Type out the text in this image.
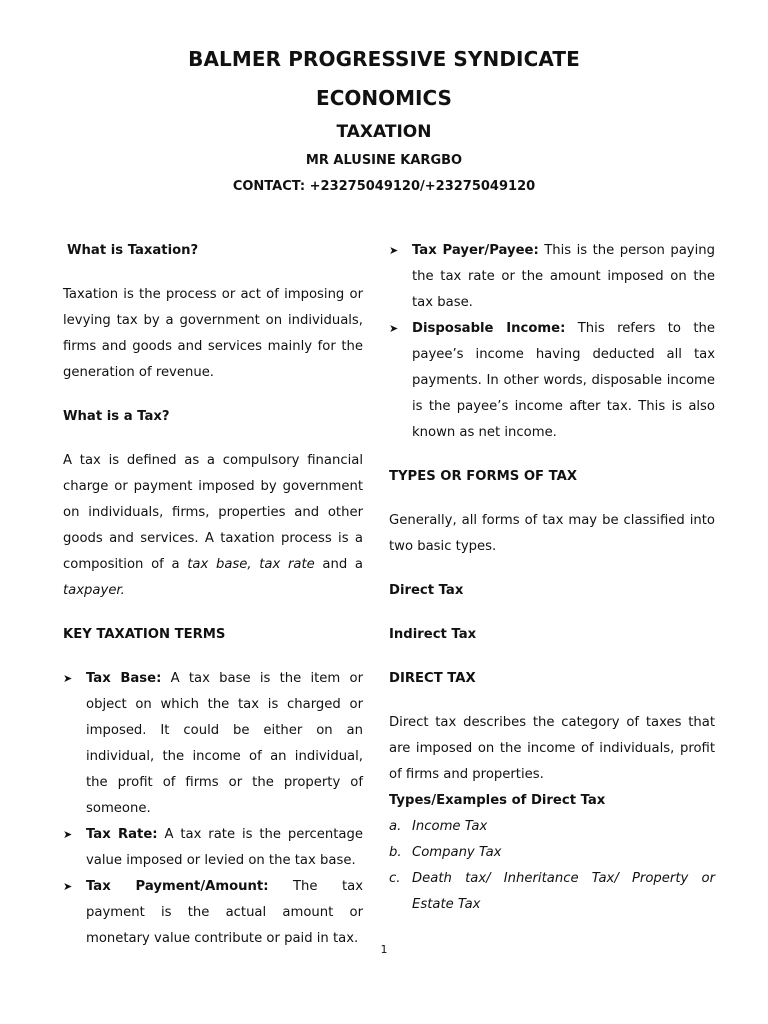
BALMER PROGRESSIVE SYNDICATE
ECONOMICS
TAXATION
MR ALUSINE KARGBO
CONTACT: +23275049120/+23275049120
What is Taxation?

Taxation is the process or act of imposing or levying tax by a government on individuals, firms and goods and services mainly for the generation of revenue.

What is a Tax?

A tax is defined as a compulsory financial charge or payment imposed by government on individuals, firms, properties and other goods and services. A taxation process is a composition of a tax base, tax rate and a taxpayer.

KEY TAXATION TERMS
➤ Tax Base: A tax base is the item or object on which the tax is charged or imposed. It could be either on an individual, the income of an individual, the profit of firms or the property of someone.
➤ Tax Rate: A tax rate is the percentage value imposed or levied on the tax base.
➤ Tax Payment/Amount: The tax payment is the actual amount or monetary value contribute or paid in tax.
➤ Tax Payer/Payee: This is the person paying the tax rate or the amount imposed on the tax base.
➤ Disposable Income: This refers to the payee’s income having deducted all tax payments. In other words, disposable income is the payee’s income after tax. This is also known as net income.
TYPES OR FORMS OF TAX

Generally, all forms of tax may be classified into two basic types.

Direct Tax
Indirect Tax
DIRECT TAX

Direct tax describes the category of taxes that are imposed on the income of individuals, profit of firms and properties.

Types/Examples of Direct Tax
a. Income Tax
b. Company Tax
c. Death tax/ Inheritance Tax/ Property or Estate Tax
1
